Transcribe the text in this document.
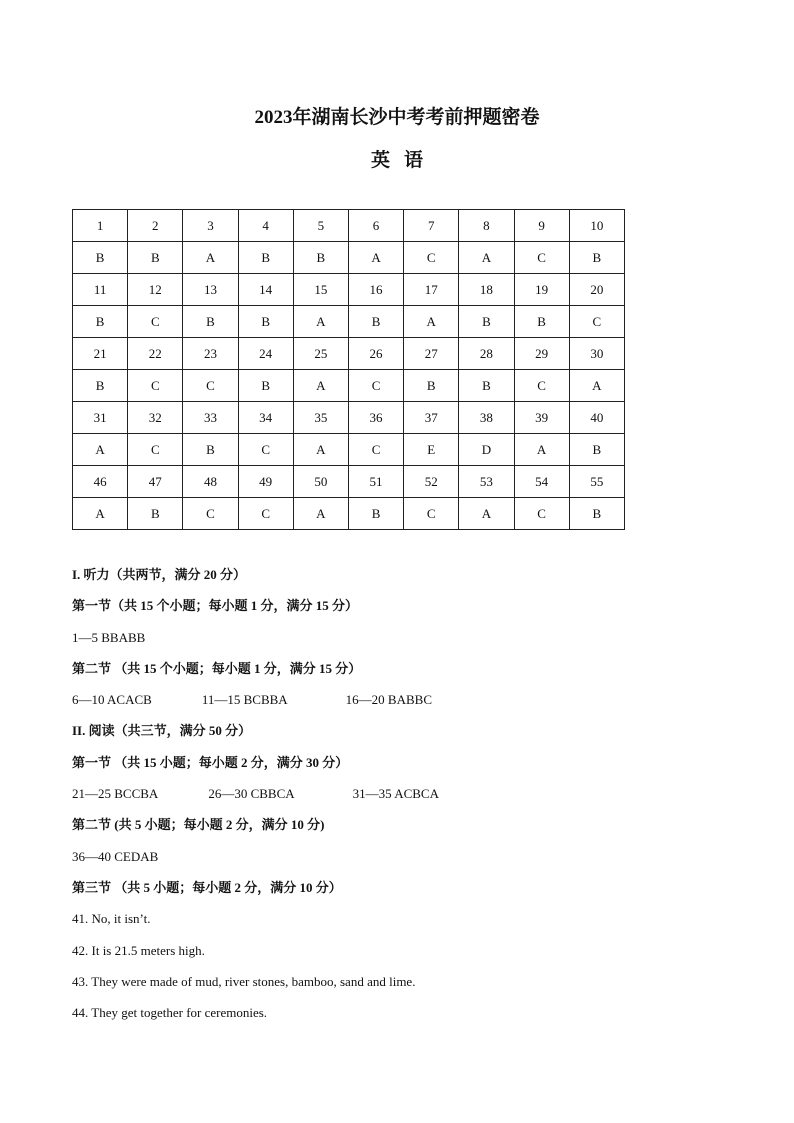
2023年湖南长沙中考考前押题密卷
英语
1	2	3	4	5	6	7	8	9	10
B	B	A	B	B	A	C	A	C	B
11	12	13	14	15	16	17	18	19	20
B	C	B	B	A	B	A	B	B	C
21	22	23	24	25	26	27	28	29	30
B	C	C	B	A	C	B	B	C	A
31	32	33	34	35	36	37	38	39	40
A	C	B	C	A	C	E	D	A	B
46	47	48	49	50	51	52	53	54	55
A	B	C	C	A	B	C	A	C	B
I. 听力（共两节，满分 20 分）
第一节（共 15 个小题；每小题 1 分，满分 15 分）
1—5 BBABB
第二节 （共 15 个小题；每小题 1 分，满分 15 分）
6—10 ACACB	11—15 BCBBA	16—20 BABBC
II. 阅读（共三节，满分 50 分）
第一节 （共 15 小题；每小题 2 分，满分 30 分）
21—25 BCCBA	26—30 CBBCA	31—35 ACBCA
第二节 (共 5 小题；每小题 2 分，满分 10 分)
36—40 CEDAB
第三节 （共 5 小题；每小题 2 分，满分 10 分）
41. No, it isn’t.
42. It is 21.5 meters high.
43. They were made of mud, river stones, bamboo, sand and lime.
44. They get together for ceremonies.
